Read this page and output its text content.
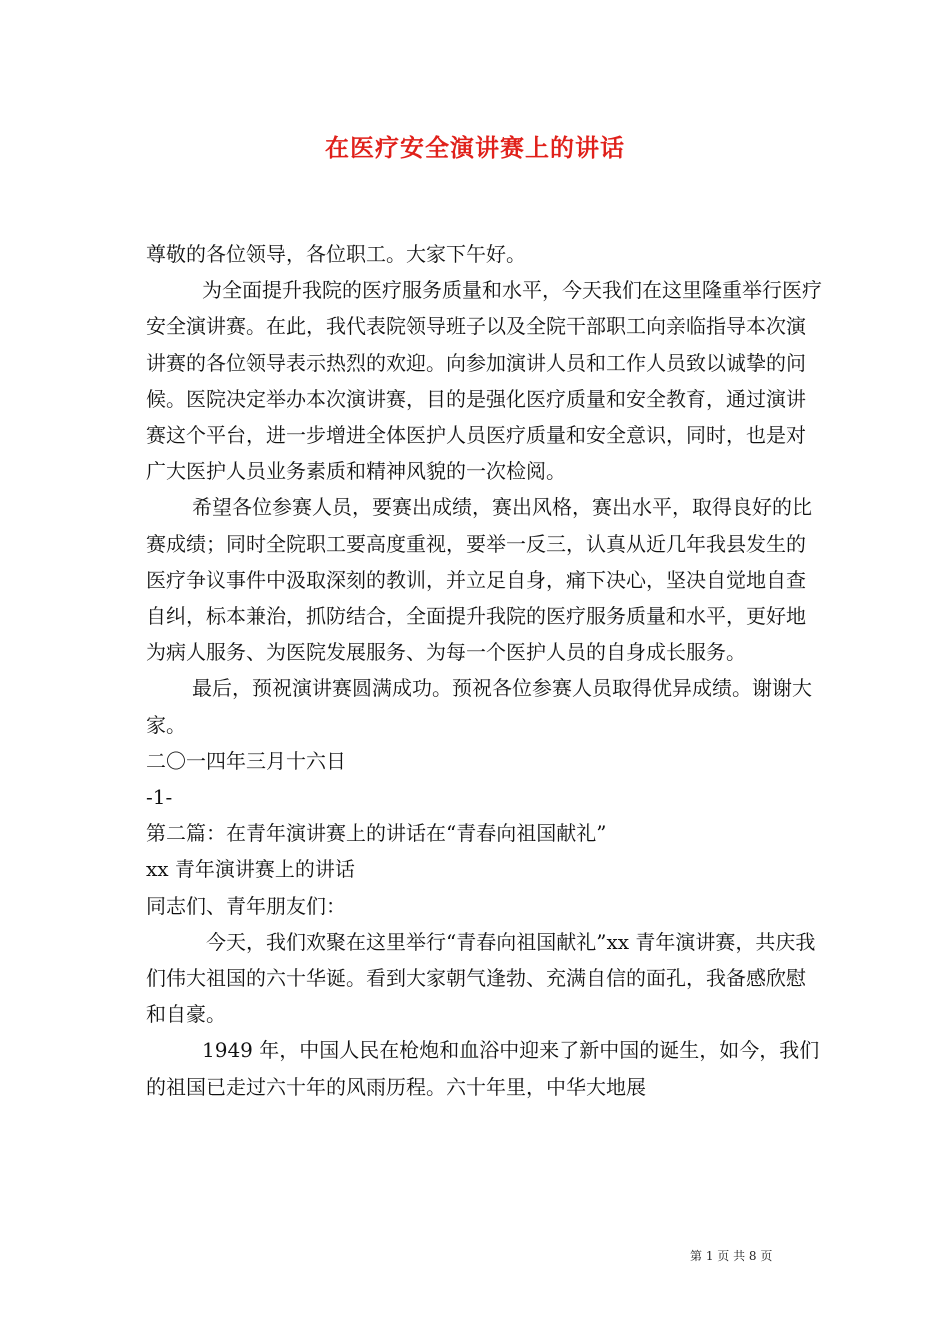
在医疗安全演讲赛上的讲话

尊敬的各位领导，各位职工。大家下午好。

为全面提升我院的医疗服务质量和水平，今天我们在这里隆重举行医疗安全演讲赛。在此，我代表院领导班子以及全院干部职工向亲临指导本次演讲赛的各位领导表示热烈的欢迎。向参加演讲人员和工作人员致以诚挚的问候。医院决定举办本次演讲赛，目的是强化医疗质量和安全教育，通过演讲赛这个平台，进一步增进全体医护人员医疗质量和安全意识，同时，也是对广大医护人员业务素质和精神风貌的一次检阅。

希望各位参赛人员，要赛出成绩，赛出风格，赛出水平，取得良好的比赛成绩；同时全院职工要高度重视，要举一反三，认真从近几年我县发生的医疗争议事件中汲取深刻的教训，并立足自身，痛下决心，坚决自觉地自查自纠，标本兼治，抓防结合，全面提升我院的医疗服务质量和水平，更好地为病人服务、为医院发展服务、为每一个医护人员的自身成长服务。

最后，预祝演讲赛圆满成功。预祝各位参赛人员取得优异成绩。谢谢大家。

二〇一四年三月十六日

-1-

第二篇：在青年演讲赛上的讲话在“青春向祖国献礼”

xx 青年演讲赛上的讲话

同志们、青年朋友们：

今天，我们欢聚在这里举行“青春向祖国献礼”xx 青年演讲赛，共庆我们伟大祖国的六十华诞。看到大家朝气逢勃、充满自信的面孔，我备感欣慰和自豪。

1949 年，中国人民在枪炮和血浴中迎来了新中国的诞生，如今，我们的祖国已走过六十年的风雨历程。六十年里，中华大地展

第 1 页 共 8 页
